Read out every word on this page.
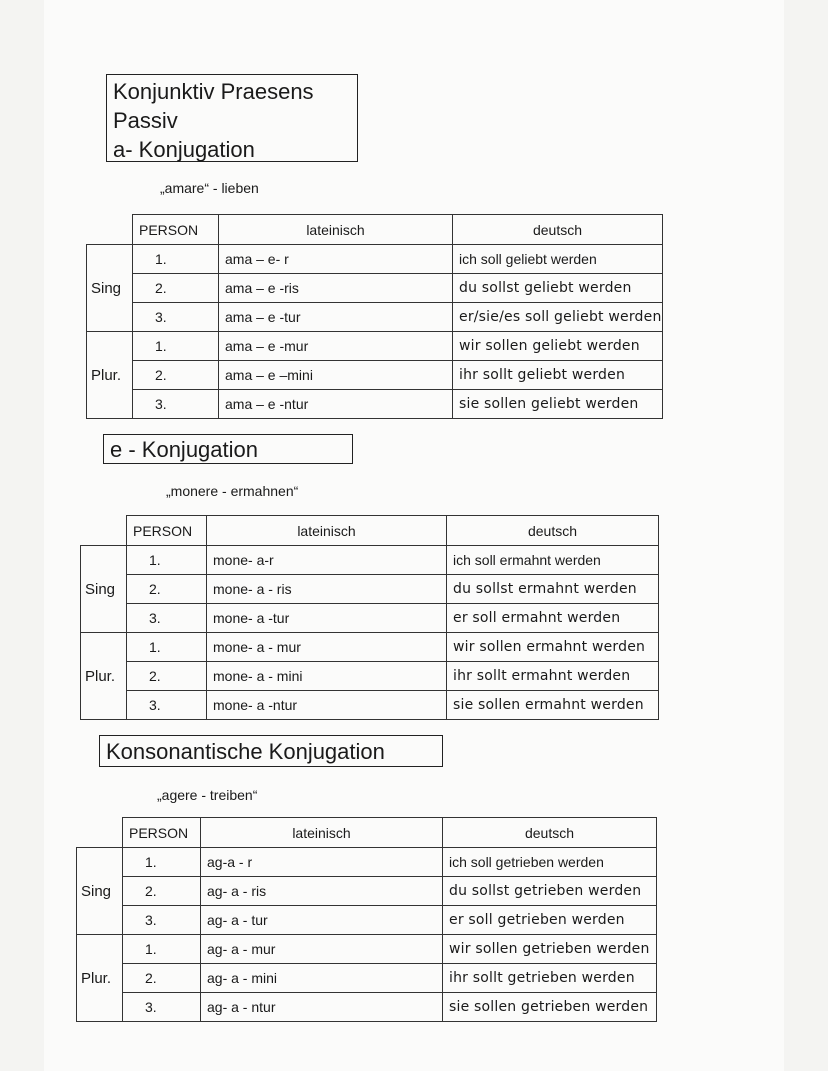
Konjunktiv Praesens
Passiv
a- Konjugation
„amare“ - lieben
	PERSON	lateinisch	deutsch
Sing	1.	ama – e- r	ich soll geliebt werden
	2.	ama – e -ris	du sollst geliebt werden
	3.	ama – e -tur	er/sie/es soll geliebt werden
Plur.	1.	ama – e -mur	wir sollen geliebt werden
	2.	ama – e –mini	ihr sollt geliebt werden
	3.	ama – e -ntur	sie sollen geliebt werden
e - Konjugation
„monere - ermahnen“
	PERSON	lateinisch	deutsch
Sing	1.	mone- a-r	ich soll ermahnt werden
	2.	mone- a - ris	du sollst ermahnt werden
	3.	mone- a -tur	er soll ermahnt werden
Plur.	1.	mone- a - mur	wir sollen ermahnt werden
	2.	mone- a - mini	ihr sollt ermahnt werden
	3.	mone- a -ntur	sie sollen ermahnt werden
Konsonantische Konjugation
„agere - treiben“
	PERSON	lateinisch	deutsch
Sing	1.	ag-a - r	ich soll getrieben werden
	2.	ag- a - ris	du sollst getrieben werden
	3.	ag- a - tur	er soll getrieben werden
Plur.	1.	ag- a - mur	wir sollen getrieben werden
	2.	ag- a - mini	ihr sollt getrieben werden
	3.	ag- a - ntur	sie sollen getrieben werden
